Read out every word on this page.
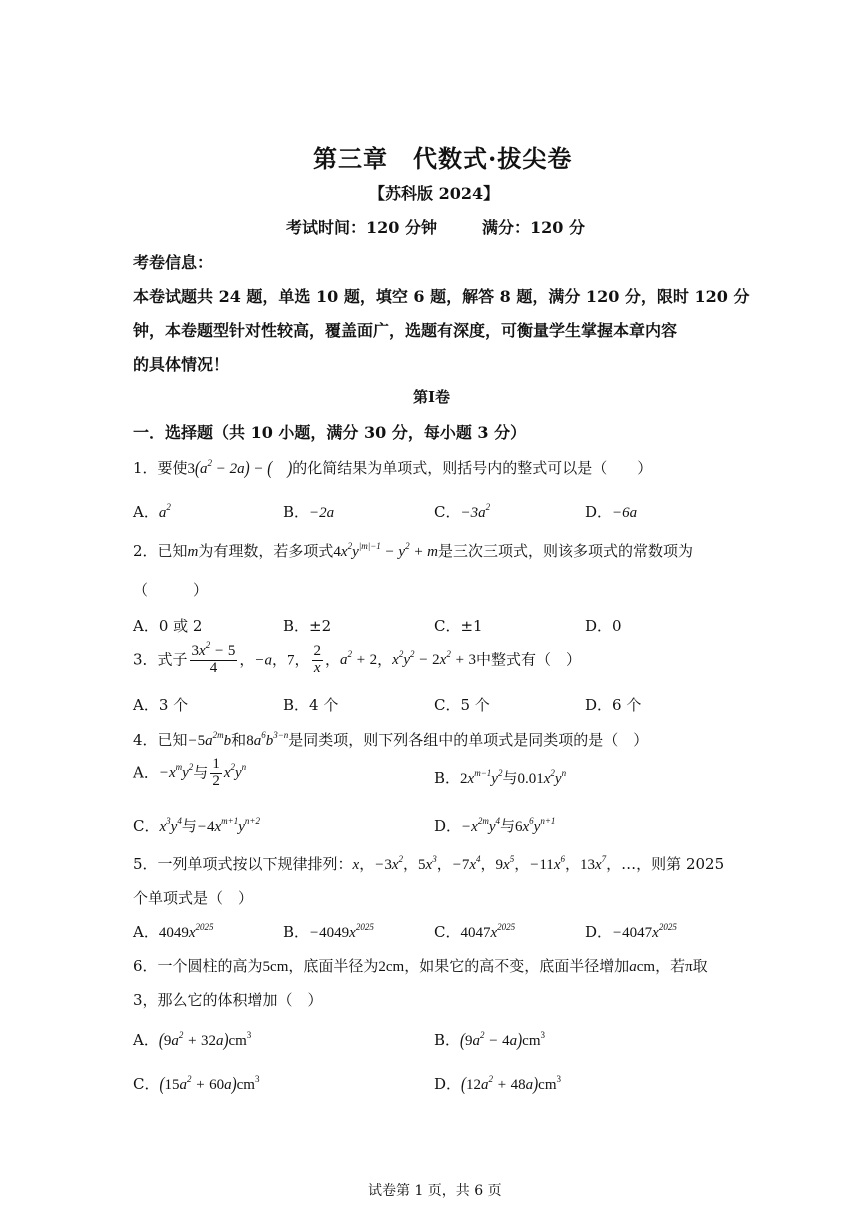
第三章　代数式·拔尖卷
【苏科版 2024】
考试时间：120 分钟	满分：120 分
考卷信息：
本卷试题共 24 题，单选 10 题，填空 6 题，解答 8 题，满分 120 分，限时 120 分
钟，本卷题型针对性较高，覆盖面广，选题有深度，可衡量学生掌握本章内容
的具体情况！
第Ⅰ卷
一．选择题（共 10 小题，满分 30 分，每小题 3 分）
1．要使$3(a^2 - 2a)$ − (  )的化简结果为单项式，则括号内的整式可以是（　　）
A．$a^2$	B．−2a	C．$-3a^2$	D．−6a
2．已知m为有理数，若多项式$4x^2y^{|m|-1} - y^2 + m$是三次三项式，则该多项式的常数项为
（　　　）
A．0 或 2	B．±2	C．±1	D．0
3．式子 $\frac{3x^2 - 5}{4}$ ，−a，7， $\frac{2}{x}$ ，$a^2 + 2$，$x^2y^2 - 2x^2 + 3$中整式有（　）
A．3 个	B．4 个	C．5 个	D．6 个
4．已知$-5a^{2m}b$和$8a^6b^{3-n}$是同类项，则下列各组中的单项式是同类项的是（　）
A．$-x^my^2$与 $\frac{1}{2} x^2y^n$
B．$2x^{m-1}y^2$与$0.01x^2y^n$
C．$x^3y^4$与$-4x^{m+1}y^{n+2}$	D．$-x^{2m}y^4$与$6x^6y^{n+1}$
5．一列单项式按以下规律排列：x，$-3x^2$，$5x^3$，$-7x^4$，$9x^5$，$-11x^6$，$13x^7$，…，则第 2025
个单项式是（　）
A．$4049x^{2025}$	B．$-4049x^{2025}$	C．$4047x^{2025}$	D．$-4047x^{2025}$
6．一个圆柱的高为5cm，底面半径为2cm，如果它的高不变，底面半径增加acm，若π取
3，那么它的体积增加（　）
A．$(9a^2 + 32a)cm^3$	B．$(9a^2 - 4a)cm^3$
C．$(15a^2 + 60a)cm^3$	D．$(12a^2 + 48a)cm^3$
试卷第 1 页，共 6 页
